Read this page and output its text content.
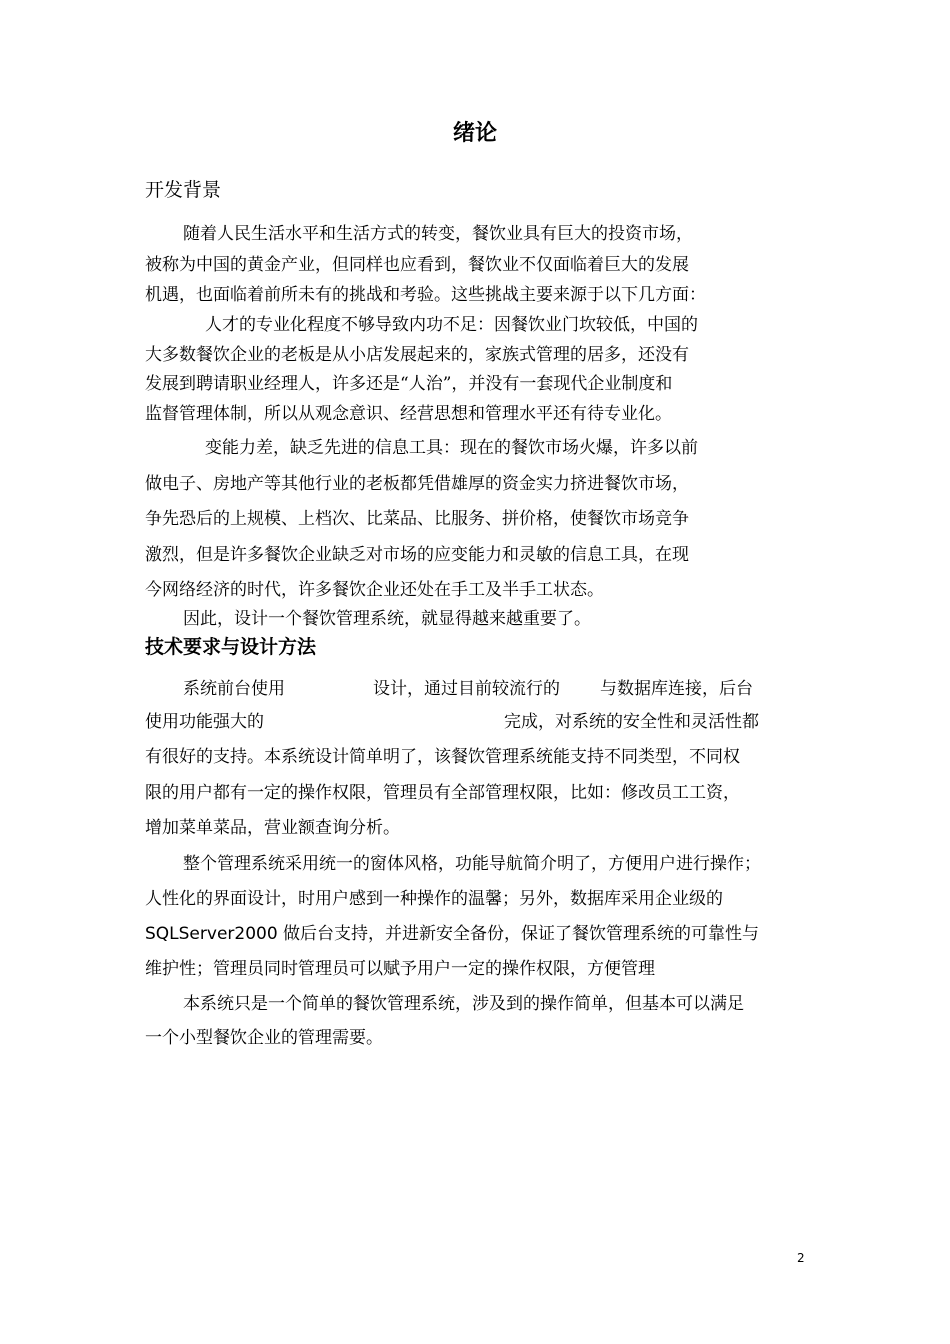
绪论
开发背景

随着人民生活水平和生活方式的转变，餐饮业具有巨大的投资市场，

被称为中国的黄金产业，但同样也应看到，餐饮业不仅面临着巨大的发展

机遇，也面临着前所未有的挑战和考验。这些挑战主要来源于以下几方面：

人才的专业化程度不够导致内功不足：因餐饮业门坎较低，中国的

大多数餐饮企业的老板是从小店发展起来的，家族式管理的居多，还没有

发展到聘请职业经理人，许多还是“人治”，并没有一套现代企业制度和

监督管理体制，所以从观念意识、经营思想和管理水平还有待专业化。

变能力差，缺乏先进的信息工具：现在的餐饮市场火爆，许多以前

做电子、房地产等其他行业的老板都凭借雄厚的资金实力挤进餐饮市场，

争先恐后的上规模、上档次、比菜品、比服务、拼价格，使餐饮市场竞争

激烈，但是许多餐饮企业缺乏对市场的应变能力和灵敏的信息工具，在现

今网络经济的时代，许多餐饮企业还处在手工及半手工状态。

因此，设计一个餐饮管理系统，就显得越来越重要了。

技术要求与设计方法

系统前台使用	设计，通过目前较流行的 与数据库连接，后台

使用功能强大的	完成，对系统的安全性和灵活性都

有很好的支持。本系统设计简单明了，该餐饮管理系统能支持不同类型，不同权

限的用户都有一定的操作权限，管理员有全部管理权限，比如：修改员工工资，

增加菜单菜品，营业额查询分析。

整个管理系统采用统一的窗体风格，功能导航简介明了，方便用户进行操作；

人性化的界面设计，时用户感到一种操作的温馨；另外，数据库采用企业级的

SQLServer2000 做后台支持，并进新安全备份，保证了餐饮管理系统的可靠性与

维护性；管理员同时管理员可以赋予用户一定的操作权限，方便管理

本系统只是一个简单的餐饮管理系统，涉及到的操作简单，但基本可以满足

一个小型餐饮企业的管理需要。

2
